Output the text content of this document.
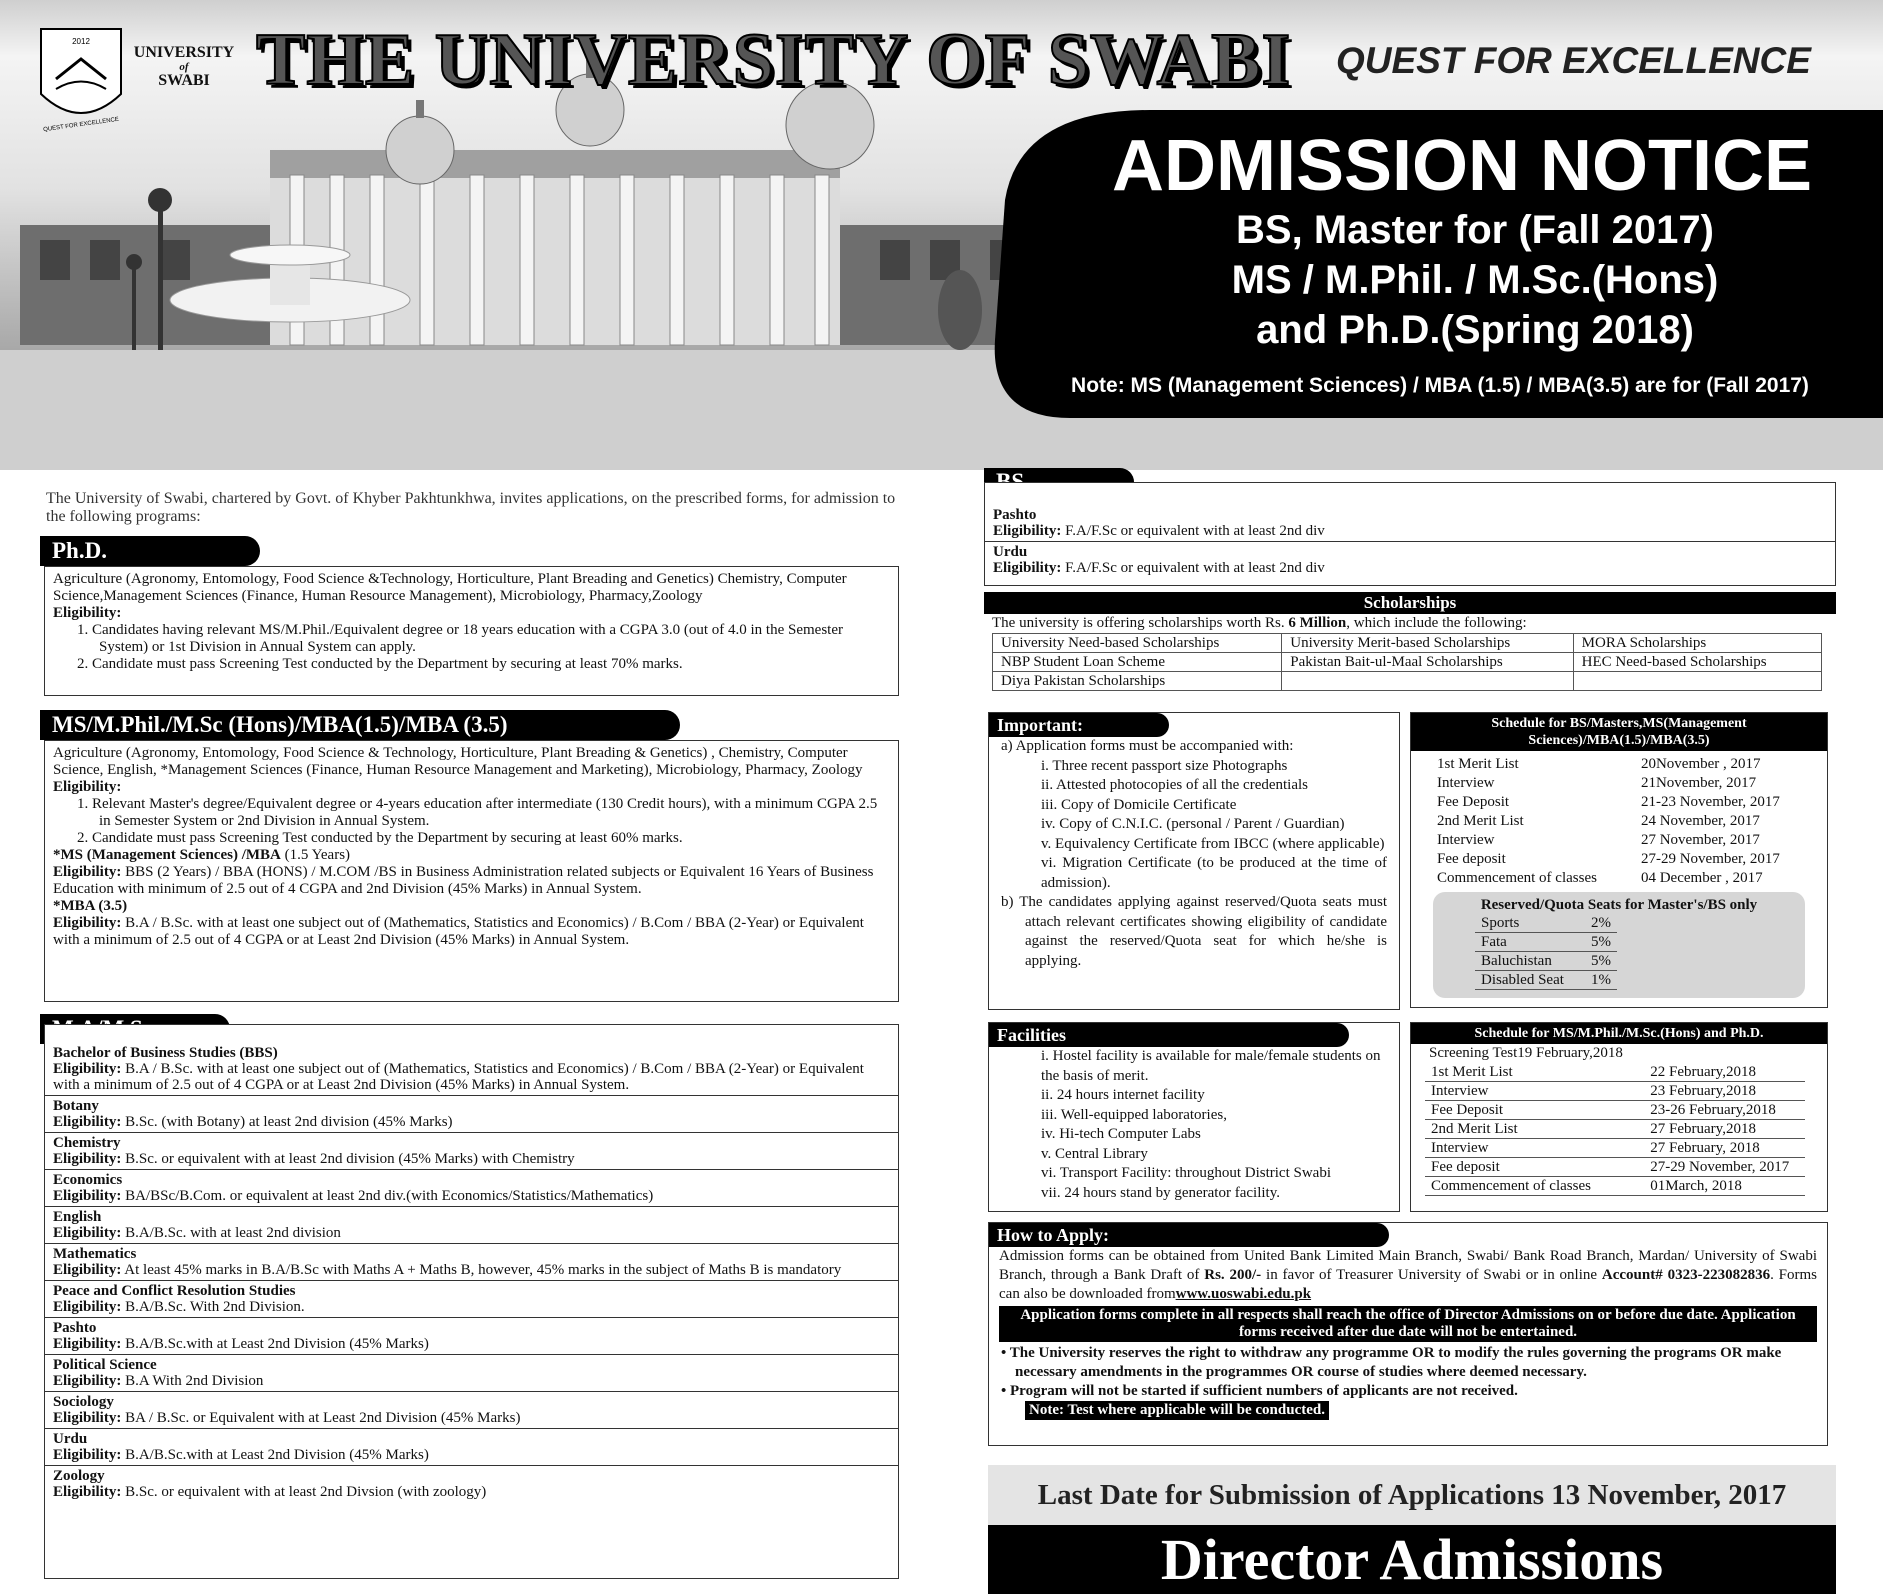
2012
QUEST FOR EXCELLENCE
UNIVERSITY
of
SWABI THE UNIVERSITY OF SWABI QUEST FOR EXCELLENCE
ADMISSION NOTICE
BS, Master for (Fall 2017)
MS / M.Phil. / M.Sc.(Hons)
and Ph.D.(Spring 2018)
Note: MS (Management Sciences) / MBA (1.5) / MBA(3.5) are for (Fall 2017)
The University of Swabi, chartered by Govt. of Khyber Pakhtunkhwa, invites applications, on the prescribed forms, for admission to the following programs:
Ph.D.
Agriculture (Agronomy, Entomology, Food Science &Technology, Horticulture, Plant Breading and Genetics) Chemistry, Computer Science,Management Sciences (Finance, Human Resource Management), Microbiology, Pharmacy,Zoology
Eligibility:
1. Candidates having relevant MS/M.Phil./Equivalent degree or 18 years education with a CGPA 3.0 (out of 4.0 in the Semester System) or 1st Division in Annual System can apply.
2. Candidate must pass Screening Test conducted by the Department by securing at least 70% marks.
MS/M.Phil./M.Sc (Hons)/MBA(1.5)/MBA (3.5)
Agriculture (Agronomy, Entomology, Food Science & Technology, Horticulture, Plant Breading & Genetics) , Chemistry, Computer Science, English, *Management Sciences (Finance, Human Resource Management and Marketing), Microbiology, Pharmacy, Zoology
Eligibility:
1. Relevant Master's degree/Equivalent degree or 4-years education after intermediate (130 Credit hours), with a minimum CGPA 2.5 in Semester System or 2nd Division in Annual System.
2. Candidate must pass Screening Test conducted by the Department by securing at least 60% marks.
*MS (Management Sciences) /MBA (1.5 Years)
Eligibility: BBS (2 Years) / BBA (HONS) / M.COM /BS in Business Administration related subjects or Equivalent 16 Years of Business Education with minimum of 2.5 out of 4 CGPA and 2nd Division (45% Marks) in Annual System.
*MBA (3.5)
Eligibility: B.A / B.Sc. with at least one subject out of (Mathematics, Statistics and Economics) / B.Com / BBA (2-Year) or Equivalent with a minimum of 2.5 out of 4 CGPA or at Least 2nd Division (45% Marks) in Annual System.
Bachelor of Business Studies (BBS)
Eligibility: B.A / B.Sc. with at least one subject out of (Mathematics, Statistics and Economics) / B.Com / BBA (2-Year) or Equivalent with a minimum of 2.5 out of 4 CGPA or at Least 2nd Division (45% Marks) in Annual System.
Botany
Eligibility: B.Sc. (with Botany) at least 2nd division (45% Marks)
Chemistry
Eligibility: B.Sc. or equivalent with at least 2nd division (45% Marks) with Chemistry
Economics
Eligibility: BA/BSc/B.Com. or equivalent at least 2nd div.(with Economics/Statistics/Mathematics)
English
Eligibility: B.A/B.Sc. with at least 2nd division
Mathematics
Eligibility: At least 45% marks in B.A/B.Sc with Maths A + Maths B, however, 45% marks in the subject of Maths B is mandatory
Peace and Conflict Resolution Studies
Eligibility: B.A/B.Sc. With 2nd Division.
Pashto
Eligibility: B.A/B.Sc.with at Least 2nd Division (45% Marks)
Political Science
Eligibility: B.A With 2nd Division
Sociology
Eligibility: BA / B.Sc. or Equivalent with at Least 2nd Division (45% Marks)
Urdu
Eligibility: B.A/B.Sc.with at Least 2nd Division (45% Marks)
Zoology
Eligibility: B.Sc. or equivalent with at least 2nd Divsion (with zoology)
Pashto
Eligibility: F.A/F.Sc or equivalent with at least 2nd div
Urdu
Eligibility: F.A/F.Sc or equivalent with at least 2nd div
Scholarships
The university is offering scholarships worth Rs. 6 Million, which include the following:
University Need-based Scholarships	University Merit-based Scholarships	MORA Scholarships
NBP Student Loan Scheme	Pakistan Bait-ul-Maal Scholarships	HEC Need-based Scholarships
Diya Pakistan Scholarships		
Important:
a) Application forms must be accompanied with:
i. Three recent passport size Photographs
ii. Attested photocopies of all the credentials
iii. Copy of Domicile Certificate
iv. Copy of C.N.I.C. (personal / Parent / Guardian)
v. Equivalency Certificate from IBCC (where applicable)
vi. Migration Certificate (to be produced at the time of admission).
b) The candidates applying against reserved/Quota seats must attach relevant certificates showing eligibility of candidate against the reserved/Quota seat for which he/she is applying.
Schedule for BS/Masters,MS(Management Sciences)/MBA(1.5)/MBA(3.5)
1st Merit List	20November , 2017
Interview	21November, 2017
Fee Deposit	21-23 November, 2017
2nd Merit List	24 November, 2017
Interview	27 November, 2017
Fee deposit	27-29 November, 2017
Commencement of classes	04 December , 2017
Reserved/Quota Seats for Master's/BS only
Sports	2%
Fata	5%
Baluchistan	5%
Disabled Seat	1%
Facilities
i. Hostel facility is available for male/female students on the basis of merit.
ii. 24 hours internet facility
iii. Well-equipped laboratories,
iv. Hi-tech Computer Labs
v. Central Library
vi. Transport Facility: throughout District Swabi
vii. 24 hours stand by generator facility.
Schedule for MS/M.Phil./M.Sc.(Hons) and Ph.D.
Screening Test19 February,2018
1st Merit List	22 February,2018
Interview	23 February,2018
Fee Deposit	23-26 February,2018
2nd Merit List	27 February,2018
Interview	27 February, 2018
Fee deposit	27-29 November, 2017
Commencement of classes	01March, 2018
How to Apply:
Admission forms can be obtained from United Bank Limited Main Branch, Swabi/ Bank Road Branch, Mardan/ University of Swabi Branch, through a Bank Draft of Rs. 200/- in favor of Treasurer University of Swabi or in online Account# 0323-223082836. Forms can also be downloaded fromwww.uoswabi.edu.pk
Application forms complete in all respects shall reach the office of Director Admissions on or before due date. Application forms received after due date will not be entertained.
• The University reserves the right to withdraw any programme OR to modify the rules governing the programs OR make necessary amendments in the programmes OR course of studies where deemed necessary.
• Program will not be started if sufficient numbers of applicants are not received.
Note: Test where applicable will be conducted.
Last Date for Submission of Applications 13 November, 2017
Director Admissions
